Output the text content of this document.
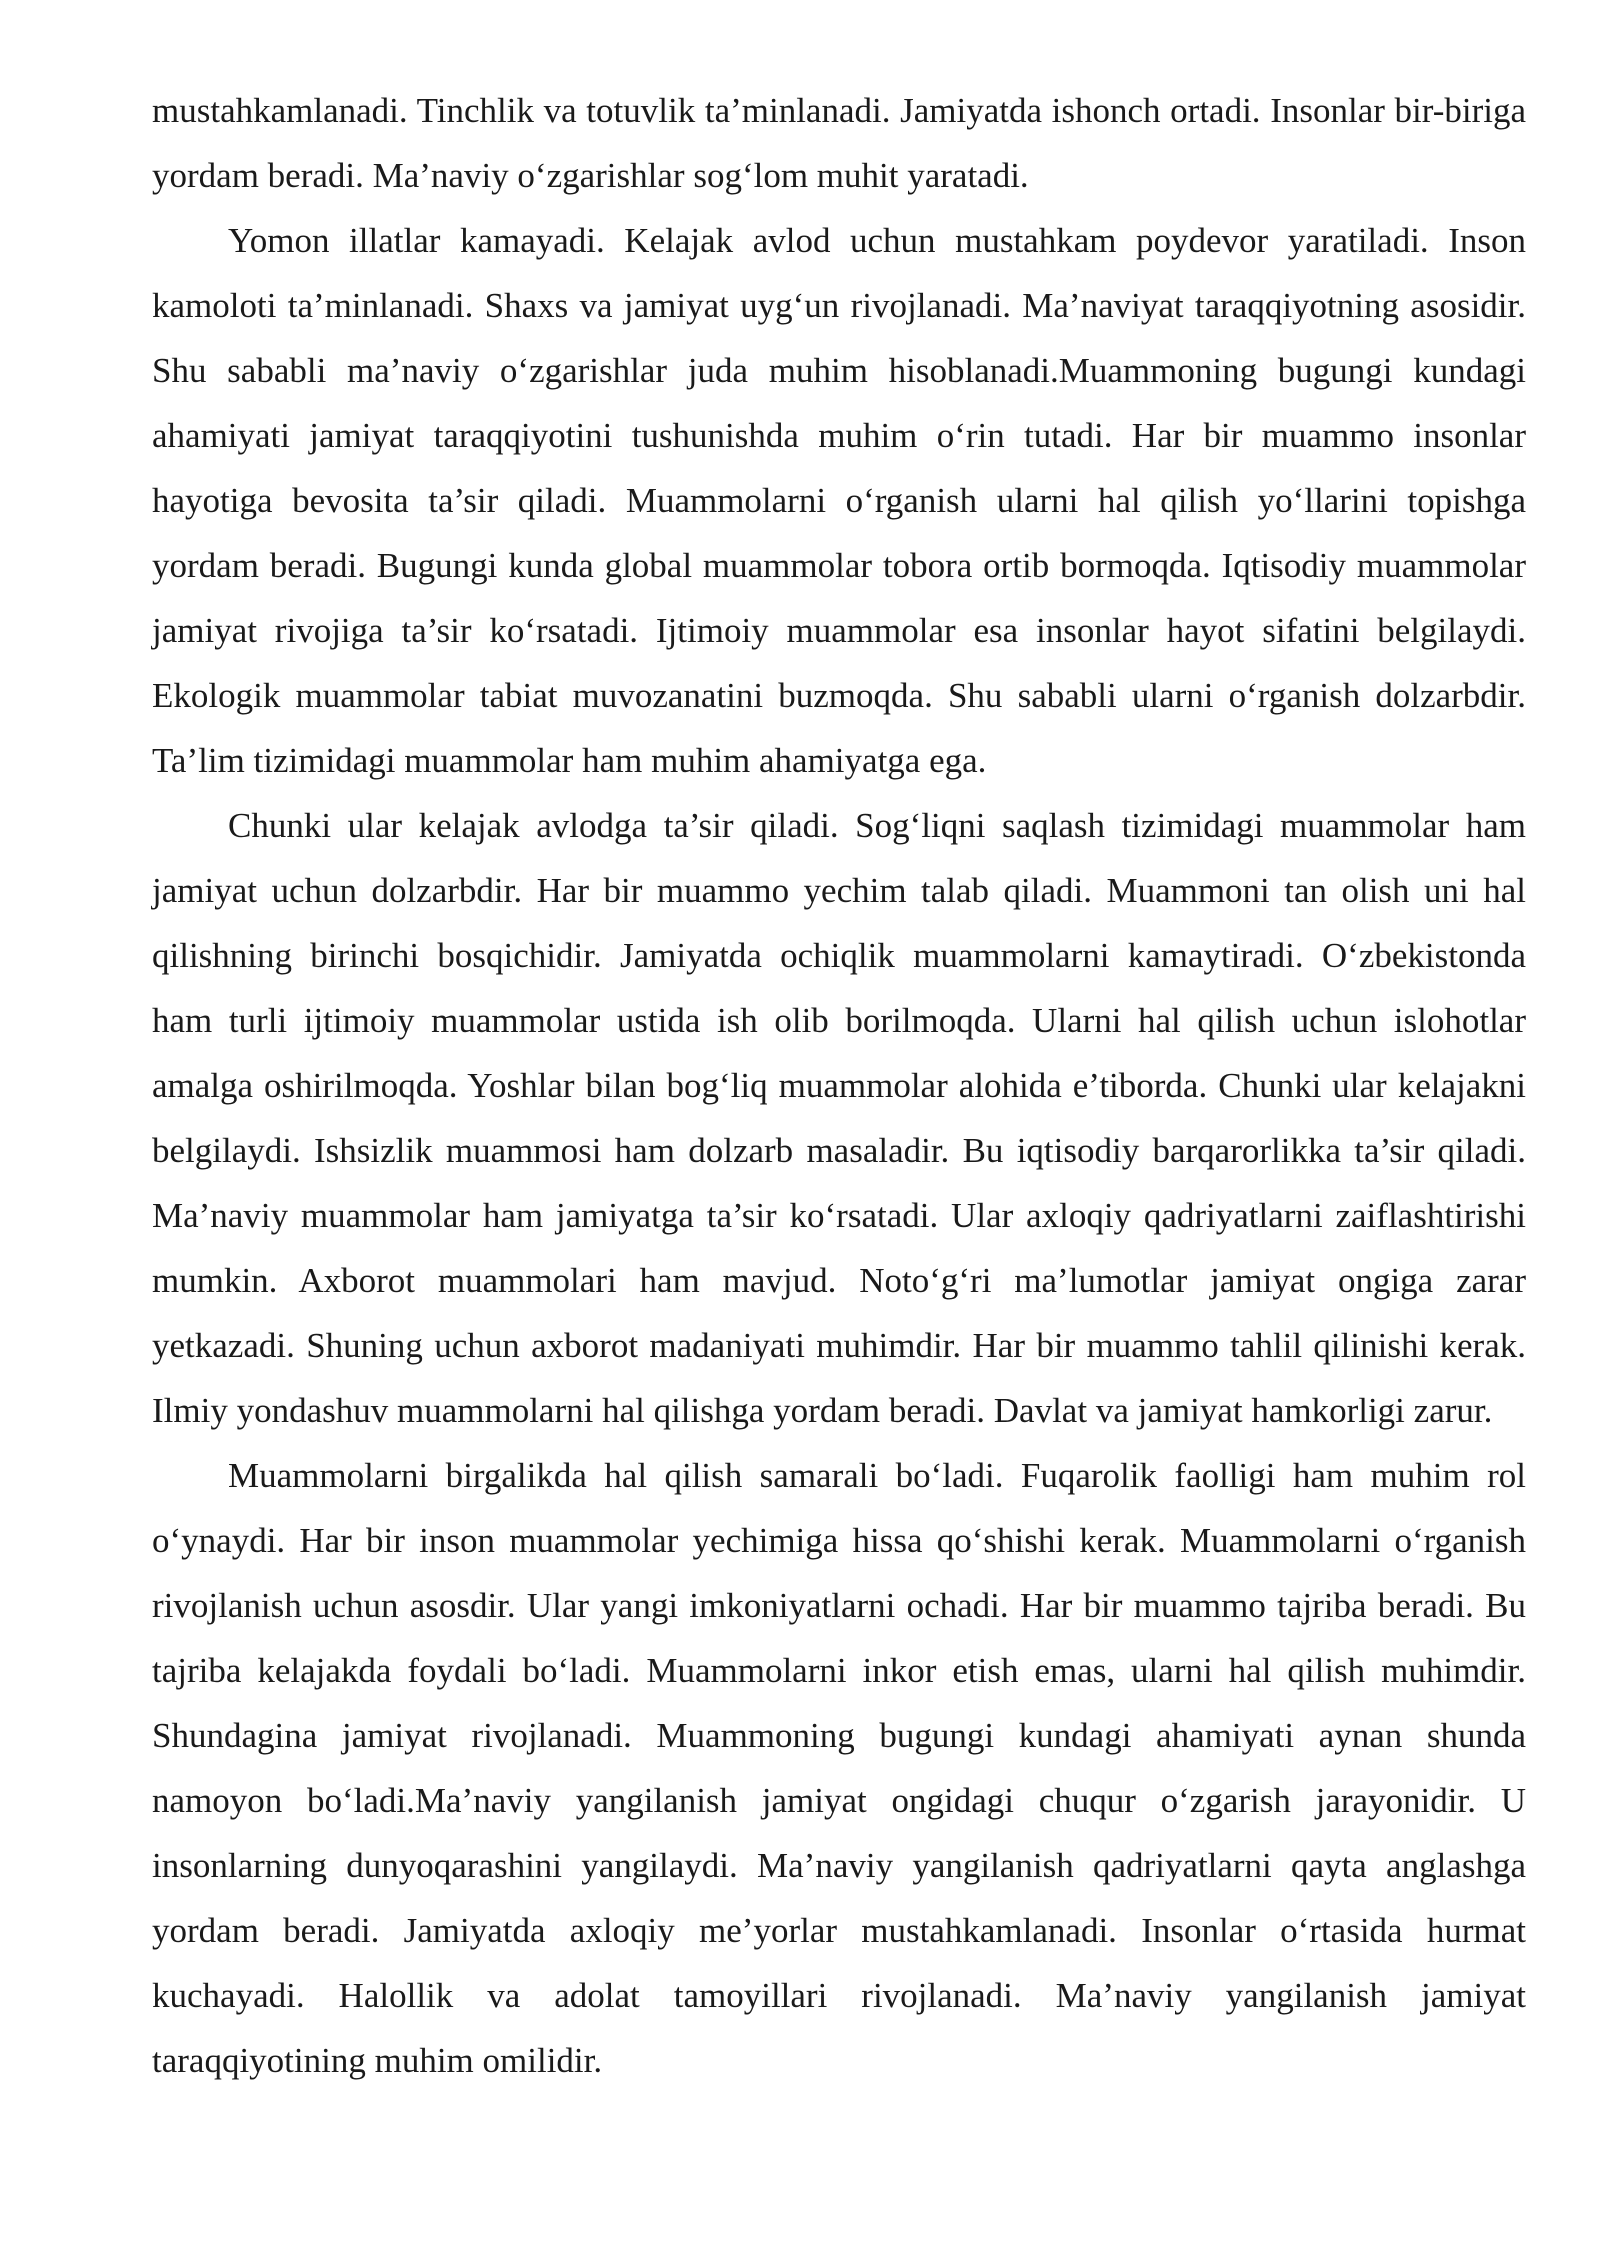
mustahkamlanadi. Tinchlik va totuvlik ta’minlanadi. Jamiyatda ishonch ortadi. Insonlar bir-biriga yordam beradi. Ma’naviy o‘zgarishlar sog‘lom muhit yaratadi.

Yomon illatlar kamayadi. Kelajak avlod uchun mustahkam poydevor yaratiladi. Inson kamoloti ta’minlanadi. Shaxs va jamiyat uyg‘un rivojlanadi. Ma’naviyat taraqqiyotning asosidir. Shu sababli ma’naviy o‘zgarishlar juda muhim hisoblanadi.Muammoning bugungi kundagi ahamiyati jamiyat taraqqiyotini tushunishda muhim o‘rin tutadi. Har bir muammo insonlar hayotiga bevosita ta’sir qiladi. Muammolarni o‘rganish ularni hal qilish yo‘llarini topishga yordam beradi. Bugungi kunda global muammolar tobora ortib bormoqda. Iqtisodiy muammolar jamiyat rivojiga ta’sir ko‘rsatadi. Ijtimoiy muammolar esa insonlar hayot sifatini belgilaydi. Ekologik muammolar tabiat muvozanatini buzmoqda. Shu sababli ularni o‘rganish dolzarbdir. Ta’lim tizimidagi muammolar ham muhim ahamiyatga ega.

Chunki ular kelajak avlodga ta’sir qiladi. Sog‘liqni saqlash tizimidagi muammolar ham jamiyat uchun dolzarbdir. Har bir muammo yechim talab qiladi. Muammoni tan olish uni hal qilishning birinchi bosqichidir. Jamiyatda ochiqlik muammolarni kamaytiradi. O‘zbekistonda ham turli ijtimoiy muammolar ustida ish olib borilmoqda. Ularni hal qilish uchun islohotlar amalga oshirilmoqda. Yoshlar bilan bog‘liq muammolar alohida e’tiborda. Chunki ular kelajakni belgilaydi. Ishsizlik muammosi ham dolzarb masaladir. Bu iqtisodiy barqarorlikka ta’sir qiladi. Ma’naviy muammolar ham jamiyatga ta’sir ko‘rsatadi. Ular axloqiy qadriyatlarni zaiflashtirishi mumkin. Axborot muammolari ham mavjud. Noto‘g‘ri ma’lumotlar jamiyat ongiga zarar yetkazadi. Shuning uchun axborot madaniyati muhimdir. Har bir muammo tahlil qilinishi kerak. Ilmiy yondashuv muammolarni hal qilishga yordam beradi. Davlat va jamiyat hamkorligi zarur.

Muammolarni birgalikda hal qilish samarali bo‘ladi. Fuqarolik faolligi ham muhim rol o‘ynaydi. Har bir inson muammolar yechimiga hissa qo‘shishi kerak. Muammolarni o‘rganish rivojlanish uchun asosdir. Ular yangi imkoniyatlarni ochadi. Har bir muammo tajriba beradi. Bu tajriba kelajakda foydali bo‘ladi. Muammolarni inkor etish emas, ularni hal qilish muhimdir. Shundagina jamiyat rivojlanadi. Muammoning bugungi kundagi ahamiyati aynan shunda namoyon bo‘ladi.Ma’naviy yangilanish jamiyat ongidagi chuqur o‘zgarish jarayonidir. U insonlarning dunyoqarashini yangilaydi. Ma’naviy yangilanish qadriyatlarni qayta anglashga yordam beradi. Jamiyatda axloqiy me’yorlar mustahkamlanadi. Insonlar o‘rtasida hurmat kuchayadi. Halollik va adolat tamoyillari rivojlanadi. Ma’naviy yangilanish jamiyat taraqqiyotining muhim omilidir.
